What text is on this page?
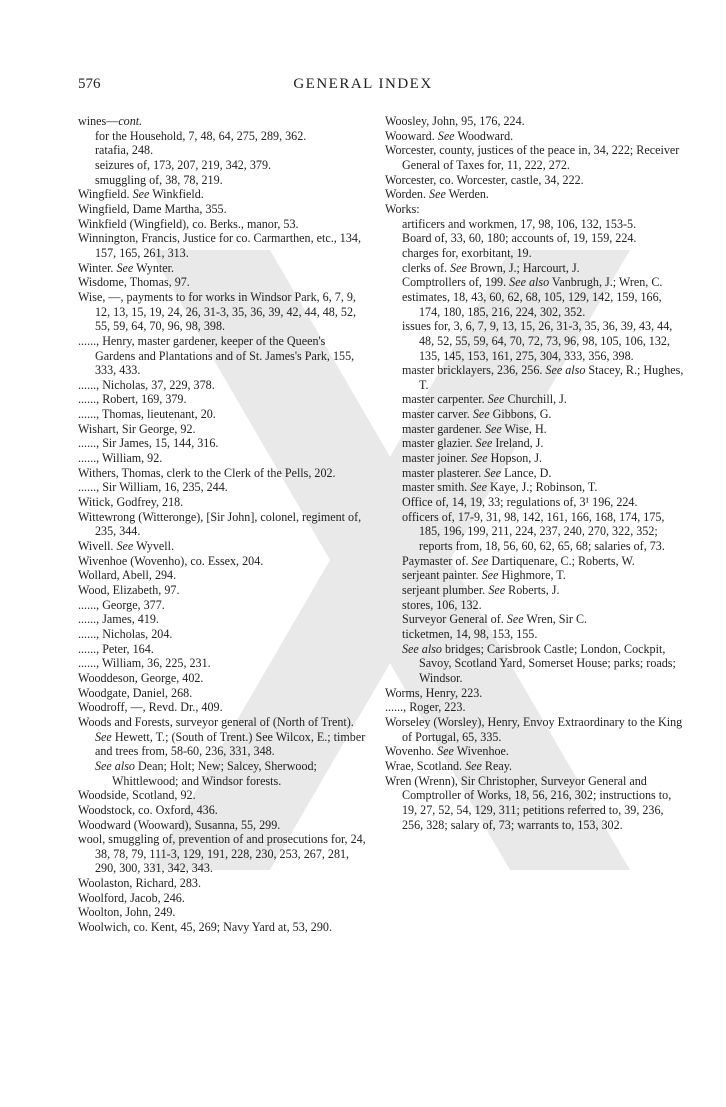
576	GENERAL INDEX
wines—cont.
for the Household, 7, 48, 64, 275, 289, 362.
ratafia, 248.
seizures of, 173, 207, 219, 342, 379.
smuggling of, 38, 78, 219.
Wingfield. See Winkfield.
Wingfield, Dame Martha, 355.
Winkfield (Wingfield), co. Berks., manor, 53.
Winnington, Francis, Justice for co. Carmarthen, etc., 134, 157, 165, 261, 313.
Winter. See Wynter.
Wisdome, Thomas, 97.
Wise, —, payments to for works in Windsor Park, 6, 7, 9, 12, 13, 15, 19, 24, 26, 31-3, 35, 36, 39, 42, 44, 48, 52, 55, 59, 64, 70, 96, 98, 398.
......, Henry, master gardener, keeper of the Queen's Gardens and Plantations and of St. James's Park, 155, 333, 433.
......, Nicholas, 37, 229, 378.
......, Robert, 169, 379.
......, Thomas, lieutenant, 20.
Wishart, Sir George, 92.
......, Sir James, 15, 144, 316.
......, William, 92.
Withers, Thomas, clerk to the Clerk of the Pells, 202.
......, Sir William, 16, 235, 244.
Witick, Godfrey, 218.
Wittewrong (Witteronge), [Sir John], colonel, regiment of, 235, 344.
Wivell. See Wyvell.
Wivenhoe (Wovenho), co. Essex, 204.
Wollard, Abell, 294.
Wood, Elizabeth, 97.
......, George, 377.
......, James, 419.
......, Nicholas, 204.
......, Peter, 164.
......, William, 36, 225, 231.
Wooddeson, George, 402.
Woodgate, Daniel, 268.
Woodroff, —, Revd. Dr., 409.
Woods and Forests, surveyor general of (North of Trent). See Hewett, T.; (South of Trent.) See Wilcox, E.; timber and trees from, 58-60, 236, 331, 348.
See also Dean; Holt; New; Salcey, Sherwood; Whittlewood; and Windsor forests.
Woodside, Scotland, 92.
Woodstock, co. Oxford, 436.
Woodward (Wooward), Susanna, 55, 299.
wool, smuggling of, prevention of and prosecutions for, 24, 38, 78, 79, 111-3, 129, 191, 228, 230, 253, 267, 281, 290, 300, 331, 342, 343.
Woolaston, Richard, 283.
Woolford, Jacob, 246.
Woolton, John, 249.
Woolwich, co. Kent, 45, 269; Navy Yard at, 53, 290.
Woosley, John, 95, 176, 224.
Wooward. See Woodward.
Worcester, county, justices of the peace in, 34, 222; Receiver General of Taxes for, 11, 222, 272.
Worcester, co. Worcester, castle, 34, 222.
Worden. See Werden.
Works:
artificers and workmen, 17, 98, 106, 132, 153-5.
Board of, 33, 60, 180; accounts of, 19, 159, 224.
charges for, exorbitant, 19.
clerks of. See Brown, J.; Harcourt, J.
Comptrollers of, 199. See also Vanbrugh, J.; Wren, C.
estimates, 18, 43, 60, 62, 68, 105, 129, 142, 159, 166, 174, 180, 185, 216, 224, 302, 352.
issues for, 3, 6, 7, 9, 13, 15, 26, 31-3, 35, 36, 39, 43, 44, 48, 52, 55, 59, 64, 70, 72, 73, 96, 98, 105, 106, 132, 135, 145, 153, 161, 275, 304, 333, 356, 398.
master bricklayers, 236, 256. See also Stacey, R.; Hughes, T.
master carpenter. See Churchill, J.
master carver. See Gibbons, G.
master gardener. See Wise, H.
master glazier. See Ireland, J.
master joiner. See Hopson, J.
master plasterer. See Lance, D.
master smith. See Kaye, J.; Robinson, T.
Office of, 14, 19, 33; regulations of, 3¹ 196, 224.
officers of, 17-9, 31, 98, 142, 161, 166, 168, 174, 175, 185, 196, 199, 211, 224, 237, 240, 270, 322, 352; reports from, 18, 56, 60, 62, 65, 68; salaries of, 73.
Paymaster of. See Dartiquenare, C.; Roberts, W.
serjeant painter. See Highmore, T.
serjeant plumber. See Roberts, J.
stores, 106, 132.
Surveyor General of. See Wren, Sir C.
ticketmen, 14, 98, 153, 155.
See also bridges; Carisbrook Castle; London, Cockpit, Savoy, Scotland Yard, Somerset House; parks; roads; Windsor.
Worms, Henry, 223.
......, Roger, 223.
Worseley (Worsley), Henry, Envoy Extraordinary to the King of Portugal, 65, 335.
Wovenho. See Wivenhoe.
Wrae, Scotland. See Reay.
Wren (Wrenn), Sir Christopher, Surveyor General and Comptroller of Works, 18, 56, 216, 302; instructions to, 19, 27, 52, 54, 129, 311; petitions referred to, 39, 236, 256, 328; salary of, 73; warrants to, 153, 302.
